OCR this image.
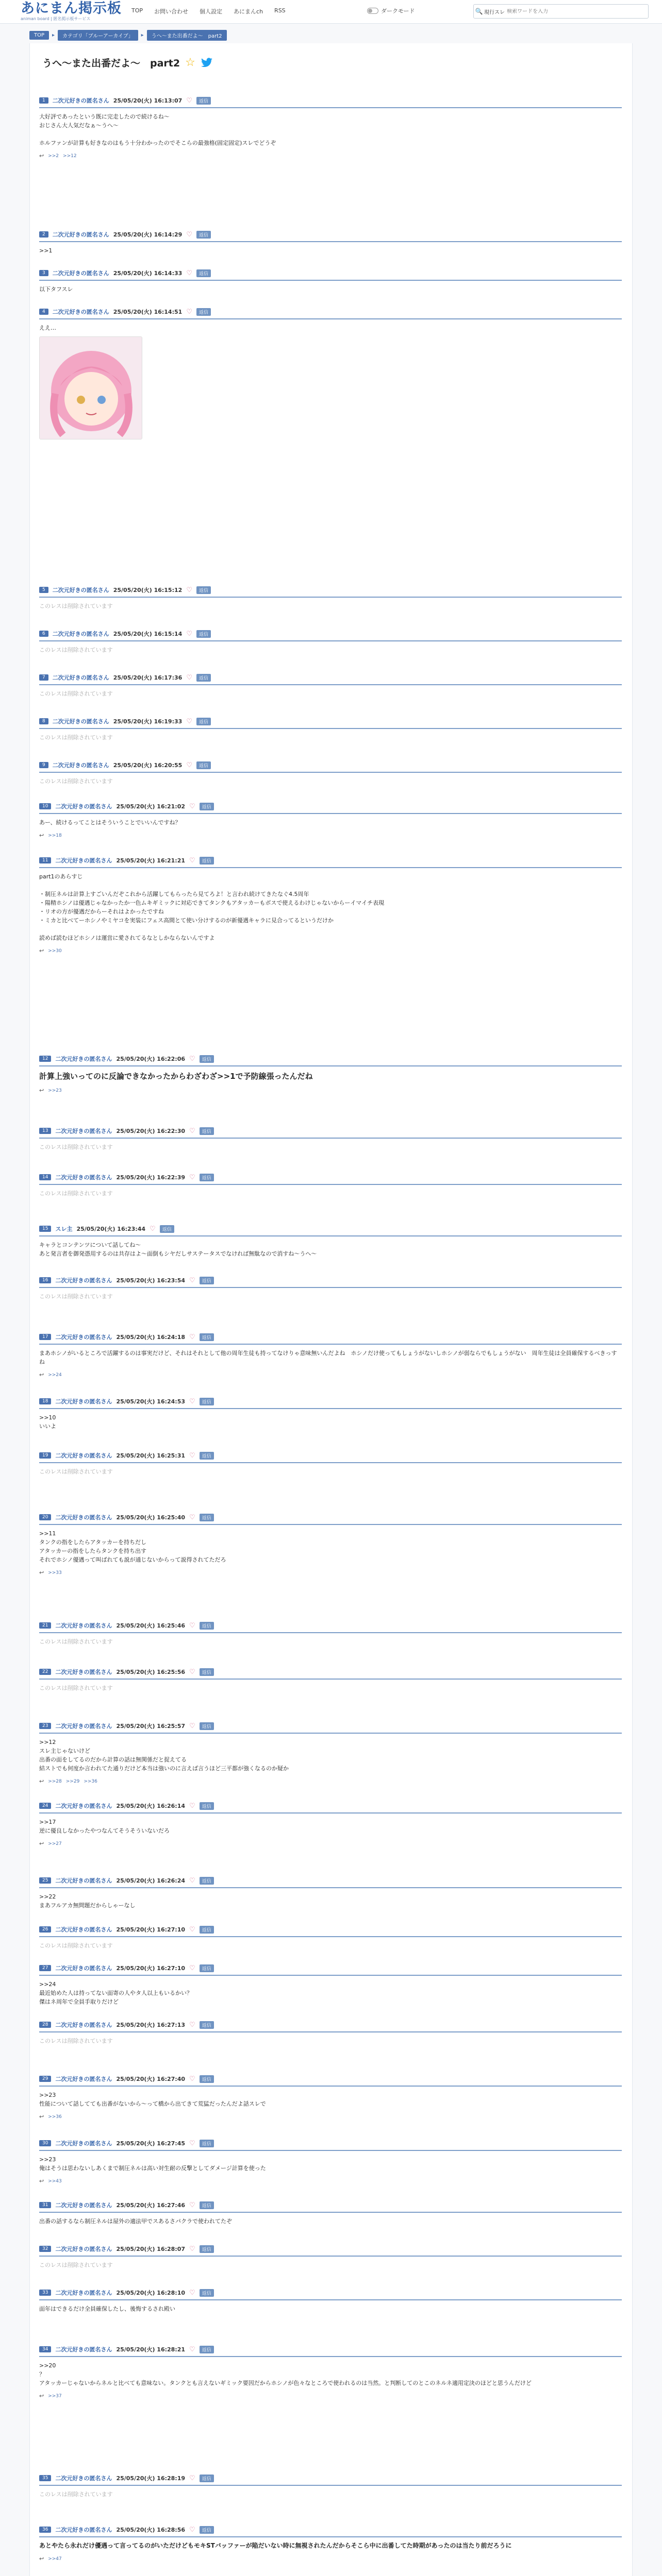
あにまん掲示板
animan board | 匿名掲示板サービス
TOP お問い合わせ 個人設定 あにまんch RSS	ダークモード	🔍 現行スレ
検索ワードを入力
TOP	▸	カテゴリ「ブルーアーカイブ」	▸	うへ〜また出番だよ〜　part2
うへ〜また出番だよ〜　part2 ☆
1	二次元好きの匿名さん 25/05/20(火) 16:13:07 ♡	返信
大好評であったという既に完走したので続けるね〜
おじさん大人気だなぁ〜うへ〜

ホルファンが計算も好きなのはもう十分わかったのでそこらの最強格(固定固定)スレでどうぞ
↩ >>2 >>12
2	二次元好きの匿名さん 25/05/20(火) 16:14:29 ♡	返信
>>1
3	二次元好きの匿名さん 25/05/20(火) 16:14:33 ♡	返信
以下タフスレ
4	二次元好きの匿名さん 25/05/20(火) 16:14:51 ♡	返信
ええ…
5	二次元好きの匿名さん 25/05/20(火) 16:15:12 ♡	返信
このレスは削除されています
6	二次元好きの匿名さん 25/05/20(火) 16:15:14 ♡	返信
このレスは削除されています
7	二次元好きの匿名さん 25/05/20(火) 16:17:36 ♡	返信
このレスは削除されています
8	二次元好きの匿名さん 25/05/20(火) 16:19:33 ♡	返信
このレスは削除されています
9	二次元好きの匿名さん 25/05/20(火) 16:20:55 ♡	返信
このレスは削除されています
10	二次元好きの匿名さん 25/05/20(火) 16:21:02 ♡	返信
あー、続けるってことはそういうことでいいんですね？
↩ >>18
11	二次元好きの匿名さん 25/05/20(火) 16:21:21 ♡	返信
part1のあらすじ

・制圧ネルは計算上すごいんだぞこれから活躍してもらったら見てろよ！と言われ続けてきたなぐ4.5周年
・陽精ホシノは優遇じゃなかったか一色ムキギミックに対応できてタンクもアタッカーもボスで使えるわけじゃないからーイマイチ表現
・リオの方が優遇だからーそれはよかったですね
・ミカと比べてーホシノやミヤコを実装にフェス高間とて使い分けするのが新優遇キャラに見合ってるというだけか

読めば読むほどホシノは運営に愛されてるなとしかならないんですよ
↩ >>30
12	二次元好きの匿名さん 25/05/20(火) 16:22:06 ♡	返信
計算上強いってのに反論できなかったからわざわざ>>1で予防線張ったんだね
↩ >>23
13	二次元好きの匿名さん 25/05/20(火) 16:22:30 ♡	返信
このレスは削除されています
14	二次元好きの匿名さん 25/05/20(火) 16:22:39 ♡	返信
このレスは削除されています
15	スレ主 25/05/20(火) 16:23:44 ♡	返信
キャラとコンテンツについて話してね〜
あと発言者を御発憑用するのは共存はよ〜面倒もシヤだしサステータスでなければ無駄なので消すね〜うへ〜
16	二次元好きの匿名さん 25/05/20(火) 16:23:54 ♡	返信
このレスは削除されています
17	二次元好きの匿名さん 25/05/20(火) 16:24:18 ♡	返信
まあホシノがいるところで活躍するのは事実だけど、それはそれとして他の周年生徒も持ってなけりゃ意味無いんだよね　ホシノだけ使ってもしょうがないしホシノが弱ならでもしょうがない　周年生徒は全員確保するべきっすね
↩ >>24
18	二次元好きの匿名さん 25/05/20(火) 16:24:53 ♡	返信
>>10
いいよ
19	二次元好きの匿名さん 25/05/20(火) 16:25:31 ♡	返信
このレスは削除されています
20	二次元好きの匿名さん 25/05/20(火) 16:25:40 ♡	返信
>>11
タンクの指をしたらアタッカーを持ちだし
アタッカーの指をしたらタンクを持ち出す
それでホシノ優遇って叫ばれても説が通じないからって説得されてただろ
↩ >>33
21	二次元好きの匿名さん 25/05/20(火) 16:25:46 ♡	返信
このレスは削除されています
22	二次元好きの匿名さん 25/05/20(火) 16:25:56 ♡	返信
このレスは削除されています
23	二次元好きの匿名さん 25/05/20(火) 16:25:57 ♡	返信
>>12
スレ主じゃないけど
出番の面をしてるのだから計算の話は無関係だと捉えてる
結ストでも何度か言われてた通りだけど本当は強いのに言えば言うほど三平都が強くなるのか疑か
↩ >>28 >>29 >>36
24	二次元好きの匿名さん 25/05/20(火) 16:26:14 ♡	返信
>>17
逆に優良しなかったやつなんてそうそういないだろ
↩ >>27
25	二次元好きの匿名さん 25/05/20(火) 16:26:24 ♡	返信
>>22
まあフルアカ無問題だからしゃーなし
26	二次元好きの匿名さん 25/05/20(火) 16:27:10 ♡	返信
このレスは削除されています
27	二次元好きの匿名さん 25/05/20(火) 16:27:10 ♡	返信
>>24
最近始めた人は持ってない面寄の人やタ人以上もいるかい？
傑はネ周年で全員手取りだけど
28	二次元好きの匿名さん 25/05/20(火) 16:27:13 ♡	返信
このレスは削除されています
29	二次元好きの匿名さん 25/05/20(火) 16:27:40 ♡	返信
>>23
性能について話してても出番がないから〜って橋から出てきて荒猛だったんだよ話スレで
↩ >>36
30	二次元好きの匿名さん 25/05/20(火) 16:27:45 ♡	返信
>>23
俺はそうは思わないしあくまで制圧ネルは高い対生耐の反撃としてダメージ計算を使った
↩ >>43
31	二次元好きの匿名さん 25/05/20(火) 16:27:46 ♡	返信
出番の話するなら制圧ネルは屋外の適法甲でスあるさパクラで使われてたぞ
32	二次元好きの匿名さん 25/05/20(火) 16:28:07 ♡	返信
このレスは削除されています
33	二次元好きの匿名さん 25/05/20(火) 16:28:10 ♡	返信
面年はできるだけ全員確保したし、後悔するされ殿い
34	二次元好きの匿名さん 25/05/20(火) 16:28:21 ♡	返信
>>20
？
アタッカーじゃないからネルと比べても意味ない。タンクとも言えないギミック要因だからホシノが色々なところで使われるのは当然。と判断してのとこのネルネ適用定決のほどと思うんだけど
↩ >>37
35	二次元好きの匿名さん 25/05/20(火) 16:28:19 ♡	返信
このレスは削除されています
36	二次元好きの匿名さん 25/05/20(火) 16:28:56 ♡	返信
あとやたら永れだけ優遇って言ってるのがいただけどもモキSTバッファーが陥だいない時に無視されたんだからそこら中に出番してた時期があったのは当たり前だろうに
↩ >>47
